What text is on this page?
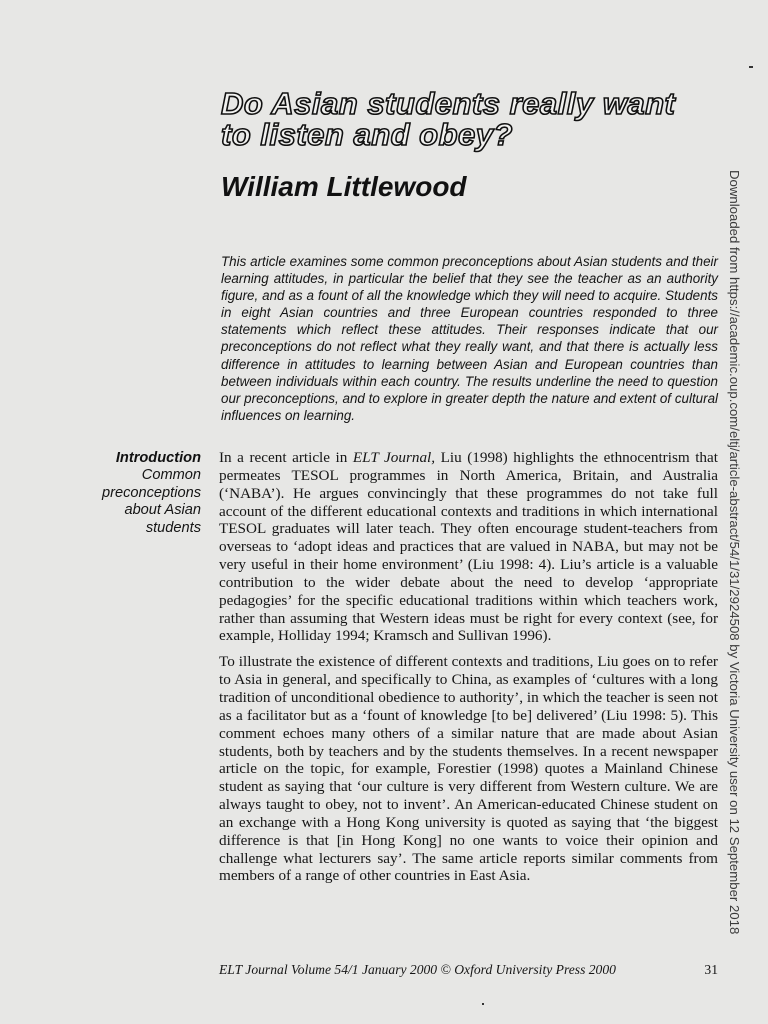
Do Asian students really want
to listen and obey?
William Littlewood

This article examines some common preconceptions about Asian students and their learning attitudes, in particular the belief that they see the teacher as an authority figure, and as a fount of all the knowledge which they will need to acquire. Students in eight Asian countries and three European countries responded to three statements which reflect these attitudes. Their responses indicate that our preconceptions do not reflect what they really want, and that there is actually less difference in attitudes to learning between Asian and European countries than between individuals within each country. The results underline the need to question our preconceptions, and to explore in greater depth the nature and extent of cultural influences on learning.

Introduction
Common
preconceptions
about Asian
students

In a recent article in ELT Journal, Liu (1998) highlights the ethnocentrism that permeates TESOL programmes in North America, Britain, and Australia (‘NABA’). He argues convincingly that these programmes do not take full account of the different educational contexts and traditions in which international TESOL graduates will later teach. They often encourage student-teachers from overseas to ‘adopt ideas and practices that are valued in NABA, but may not be very useful in their home environment’ (Liu 1998: 4). Liu’s article is a valuable contribution to the wider debate about the need to develop ‘appropriate pedagogies’ for the specific educational traditions within which teachers work, rather than assuming that Western ideas must be right for every context (see, for example, Holliday 1994; Kramsch and Sullivan 1996).

To illustrate the existence of different contexts and traditions, Liu goes on to refer to Asia in general, and specifically to China, as examples of ‘cultures with a long tradition of unconditional obedience to authority’, in which the teacher is seen not as a facilitator but as a ‘fount of knowledge [to be] delivered’ (Liu 1998: 5). This comment echoes many others of a similar nature that are made about Asian students, both by teachers and by the students themselves. In a recent newspaper article on the topic, for example, Forestier (1998) quotes a Mainland Chinese student as saying that ‘our culture is very different from Western culture. We are always taught to obey, not to invent’. An American-educated Chinese student on an exchange with a Hong Kong university is quoted as saying that ‘the biggest difference is that [in Hong Kong] no one wants to voice their opinion and challenge what lecturers say’. The same article reports similar comments from members of a range of other countries in East Asia.

ELT Journal Volume 54/1 January 2000 © Oxford University Press 2000	31
Downloaded from https://academic.oup.com/eltj/article-abstract/54/1/31/2924508 by Victoria University user on 12 September 2018
